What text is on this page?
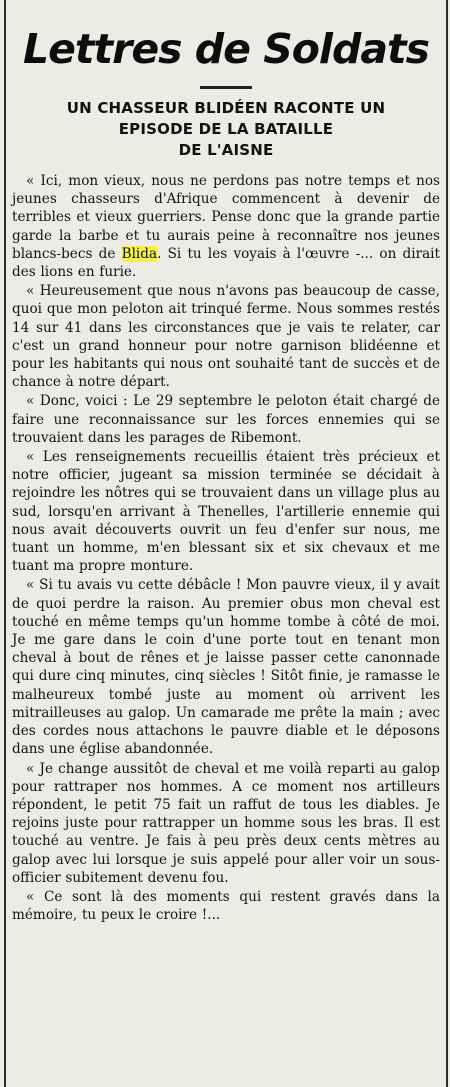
Lettres de Soldats
UN CHASSEUR BLIDÉEN RACONTE UN
EPISODE DE LA BATAILLE
DE L'AISNE

« Ici, mon vieux, nous ne perdons pas notre temps et nos jeunes chasseurs d'Afrique commencent à devenir de terribles et vieux guerriers. Pense donc que la grande partie garde la barbe et tu aurais peine à reconnaître nos jeunes blancs-becs de Blida. Si tu les voyais à l'œuvre -... on dirait des lions en furie.

« Heureusement que nous n'avons pas beaucoup de casse, quoi que mon peloton ait trinqué ferme. Nous sommes restés 14 sur 41 dans les circonstances que je vais te relater, car c'est un grand honneur pour notre garnison blidéenne et pour les habitants qui nous ont souhaité tant de succès et de chance à notre départ.

« Donc, voici : Le 29 septembre le peloton était chargé de faire une reconnaissance sur les forces ennemies qui se trouvaient dans les parages de Ribemont.

« Les renseignements recueillis étaient très précieux et notre officier, jugeant sa mission terminée se décidait à rejoindre les nôtres qui se trouvaient dans un village plus au sud, lorsqu'en arrivant à Thenelles, l'artillerie ennemie qui nous avait découverts ouvrit un feu d'enfer sur nous, me tuant un homme, m'en blessant six et six chevaux et me tuant ma propre monture.

« Si tu avais vu cette débâcle ! Mon pauvre vieux, il y avait de quoi perdre la raison. Au premier obus mon cheval est touché en même temps qu'un homme tombe à côté de moi. Je me gare dans le coin d'une porte tout en tenant mon cheval à bout de rênes et je laisse passer cette canonnade qui dure cinq minutes, cinq siècles ! Sitôt finie, je ramasse le malheureux tombé juste au moment où arrivent les mitrailleuses au galop. Un camarade me prête la main ; avec des cordes nous attachons le pauvre diable et le déposons dans une église abandonnée.

« Je change aussitôt de cheval et me voilà reparti au galop pour rattraper nos hommes. A ce moment nos artilleurs répondent, le petit 75 fait un raffut de tous les diables. Je rejoins juste pour rattrapper un homme sous les bras. Il est touché au ventre. Je fais à peu près deux cents mètres au galop avec lui lorsque je suis appelé pour aller voir un sous-officier subitement devenu fou.

« Ce sont là des moments qui restent gravés dans la mémoire, tu peux le croire !...
